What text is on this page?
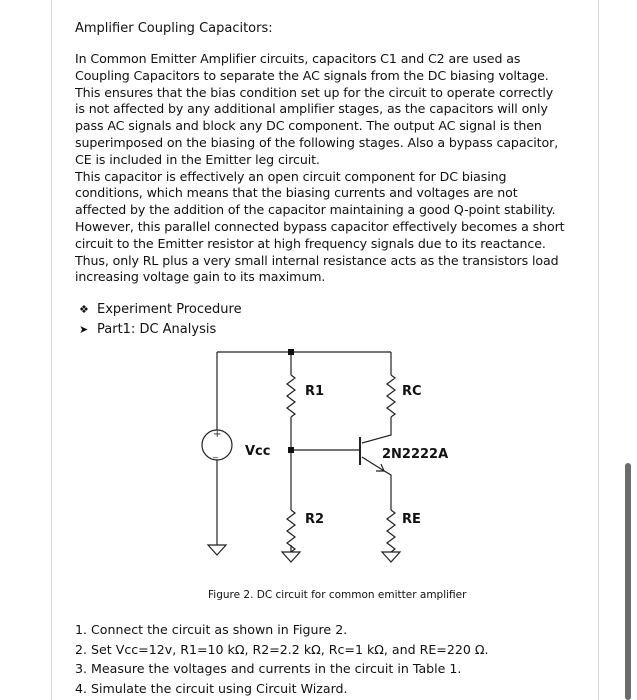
Amplifier Coupling Capacitors:
In Common Emitter Amplifier circuits, capacitors C1 and C2 are used as
Coupling Capacitors to separate the AC signals from the DC biasing voltage.
This ensures that the bias condition set up for the circuit to operate correctly
is not affected by any additional amplifier stages, as the capacitors will only
pass AC signals and block any DC component. The output AC signal is then
superimposed on the biasing of the following stages. Also a bypass capacitor,
CE is included in the Emitter leg circuit.
This capacitor is effectively an open circuit component for DC biasing
conditions, which means that the biasing currents and voltages are not
affected by the addition of the capacitor maintaining a good Q-point stability.
However, this parallel connected bypass capacitor effectively becomes a short
circuit to the Emitter resistor at high frequency signals due to its reactance.
Thus, only RL plus a very small internal resistance acts as the transistors load
increasing voltage gain to its maximum.
❖ Experiment Procedure
➤ Part1: DC Analysis
+
_
R1	RC
Vcc	2N2222A
R2	RE
Figure 2. DC circuit for common emitter amplifier
1. Connect the circuit as shown in Figure 2.
2. Set Vcc=12v, R1=10 kΩ, R2=2.2 kΩ, Rc=1 kΩ, and RE=220 Ω.
3. Measure the voltages and currents in the circuit in Table 1.
4. Simulate the circuit using Circuit Wizard.
